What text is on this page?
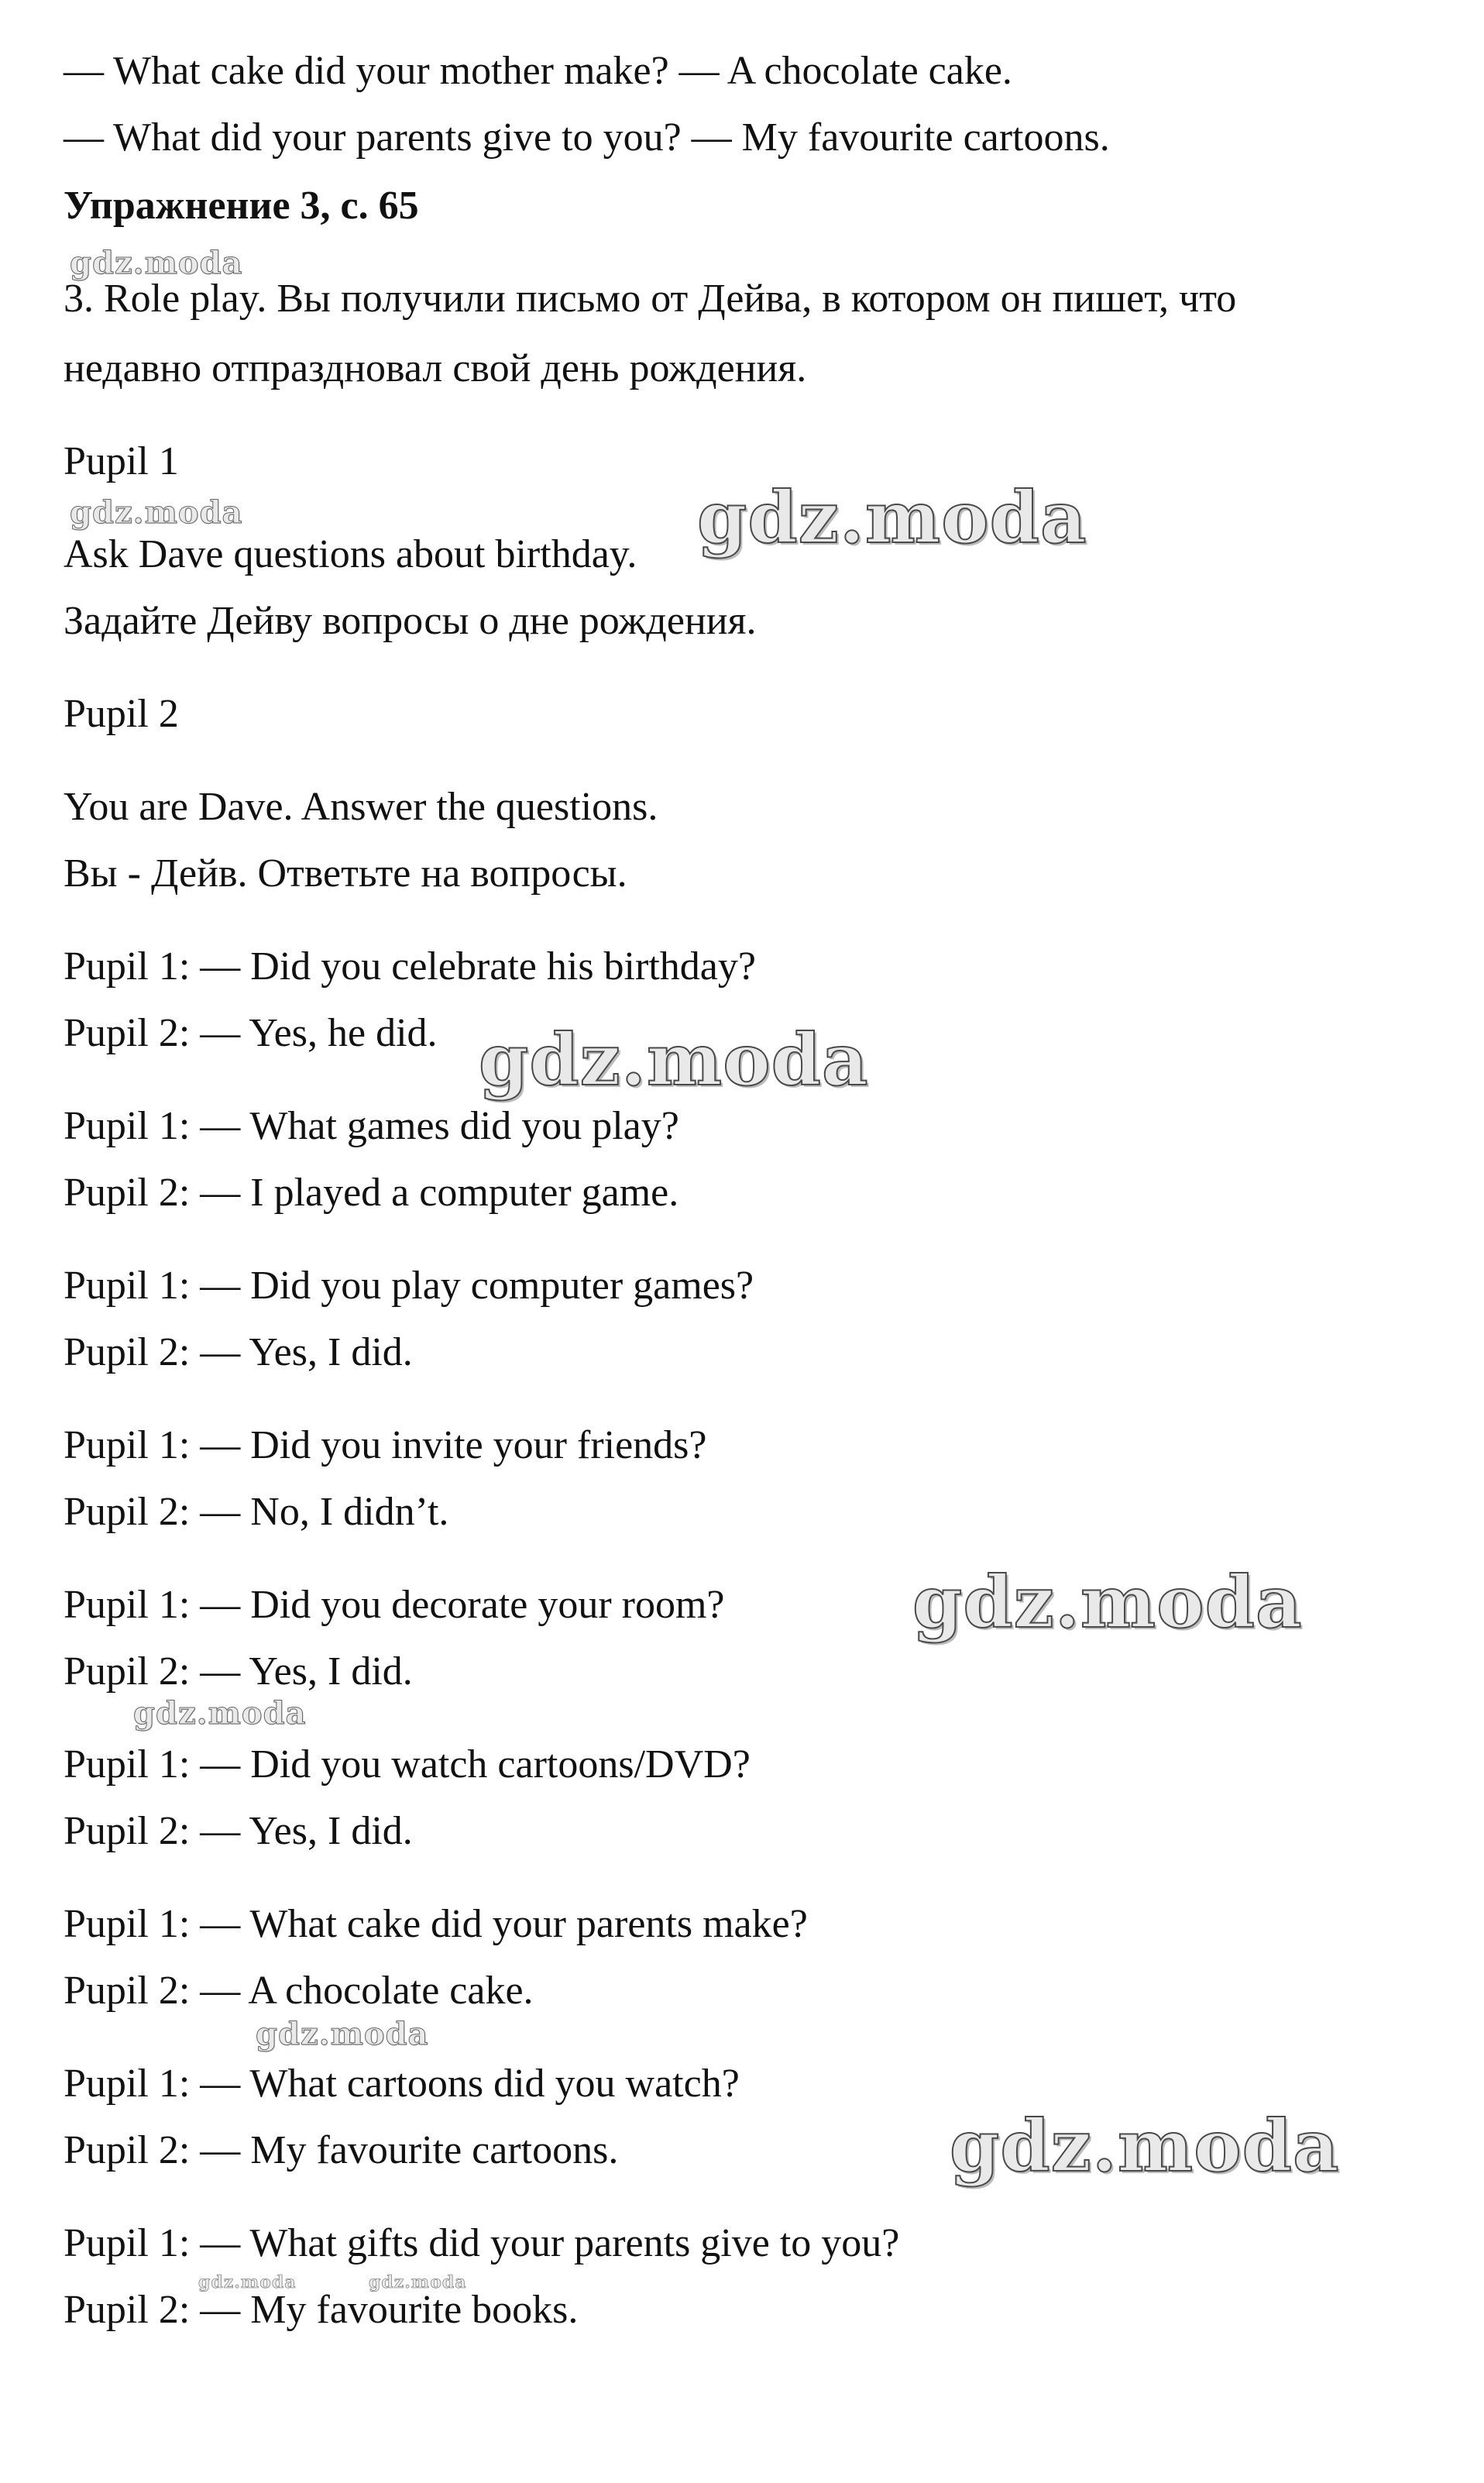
— What cake did your mother make? — A chocolate cake.
— What did your parents give to you? — My favourite cartoons.
Упражнение 3, с. 65
gdz.moda
3. Role play. Вы получили письмо от Дейва, в котором он пишет, что
недавно отпраздновал свой день рождения.
Pupil 1
gdz.moda
Ask Dave questions about birthday. gdz.moda
Задайте Дейву вопросы о дне рождения.
Pupil 2
You are Dave. Answer the questions.
Вы - Дейв. Ответьте на вопросы.
Pupil 1: — Did you celebrate his birthday?
Pupil 2: — Yes, he did. gdz.moda
Pupil 1: — What games did you play?
Pupil 2: — I played a computer game.
Pupil 1: — Did you play computer games?
Pupil 2: — Yes, I did.
Pupil 1: — Did you invite your friends?
Pupil 2: — No, I didn’t.
Pupil 1: — Did you decorate your room?	gdz.moda
Pupil 2: — Yes, I did.
gdz.moda
Pupil 1: — Did you watch cartoons/DVD?
Pupil 2: — Yes, I did.
Pupil 1: — What cake did your parents make?
Pupil 2: — A chocolate cake.
gdz.moda
Pupil 1: — What cartoons did you watch?
Pupil 2: — My favourite cartoons.	gdz.moda
Pupil 1: — What gifts did your parents give to you?
gdz.moda	gdz.moda
Pupil 2: — My favourite books.
